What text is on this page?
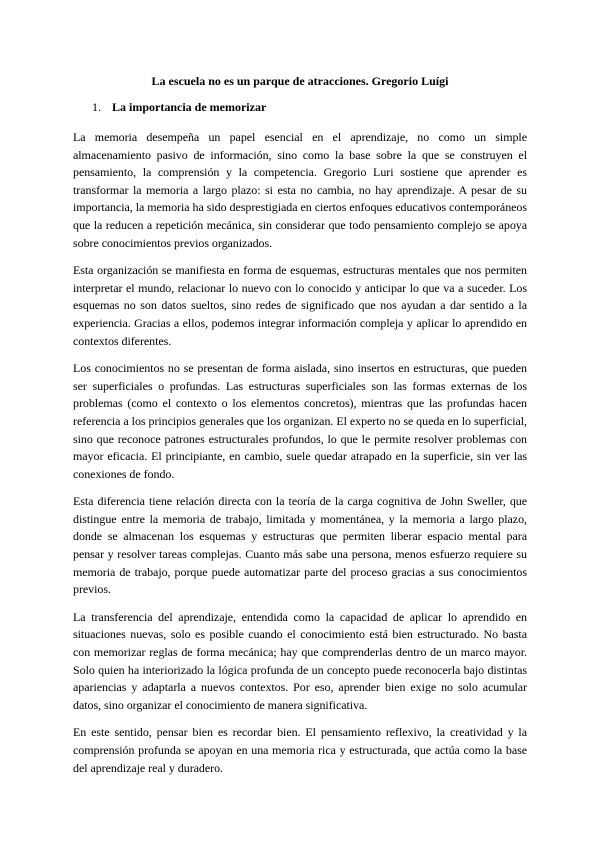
La escuela no es un parque de atracciones. Gregorio Luígi
1. La importancia de memorizar

La memoria desempeña un papel esencial en el aprendizaje, no como un simple almacenamiento pasivo de información, sino como la base sobre la que se construyen el pensamiento, la comprensión y la competencia. Gregorio Luri sostiene que aprender es transformar la memoria a largo plazo: si esta no cambia, no hay aprendizaje. A pesar de su importancia, la memoria ha sido desprestigiada en ciertos enfoques educativos contemporáneos que la reducen a repetición mecánica, sin considerar que todo pensamiento complejo se apoya sobre conocimientos previos organizados.

Esta organización se manifiesta en forma de esquemas, estructuras mentales que nos permiten interpretar el mundo, relacionar lo nuevo con lo conocido y anticipar lo que va a suceder. Los esquemas no son datos sueltos, sino redes de significado que nos ayudan a dar sentido a la experiencia. Gracias a ellos, podemos integrar información compleja y aplicar lo aprendido en contextos diferentes.

Los conocimientos no se presentan de forma aislada, sino insertos en estructuras, que pueden ser superficiales o profundas. Las estructuras superficiales son las formas externas de los problemas (como el contexto o los elementos concretos), mientras que las profundas hacen referencia a los principios generales que los organizan. El experto no se queda en lo superficial, sino que reconoce patrones estructurales profundos, lo que le permite resolver problemas con mayor eficacia. El principiante, en cambio, suele quedar atrapado en la superficie, sin ver las conexiones de fondo.

Esta diferencia tiene relación directa con la teoría de la carga cognitiva de John Sweller, que distingue entre la memoria de trabajo, limitada y momentánea, y la memoria a largo plazo, donde se almacenan los esquemas y estructuras que permiten liberar espacio mental para pensar y resolver tareas complejas. Cuanto más sabe una persona, menos esfuerzo requiere su memoria de trabajo, porque puede automatizar parte del proceso gracias a sus conocimientos previos.

La transferencia del aprendizaje, entendida como la capacidad de aplicar lo aprendido en situaciones nuevas, solo es posible cuando el conocimiento está bien estructurado. No basta con memorizar reglas de forma mecánica; hay que comprenderlas dentro de un marco mayor. Solo quien ha interiorizado la lógica profunda de un concepto puede reconocerla bajo distintas apariencias y adaptarla a nuevos contextos. Por eso, aprender bien exige no solo acumular datos, sino organizar el conocimiento de manera significativa.

En este sentido, pensar bien es recordar bien. El pensamiento reflexivo, la creatividad y la comprensión profunda se apoyan en una memoria rica y estructurada, que actúa como la base del aprendizaje real y duradero.
